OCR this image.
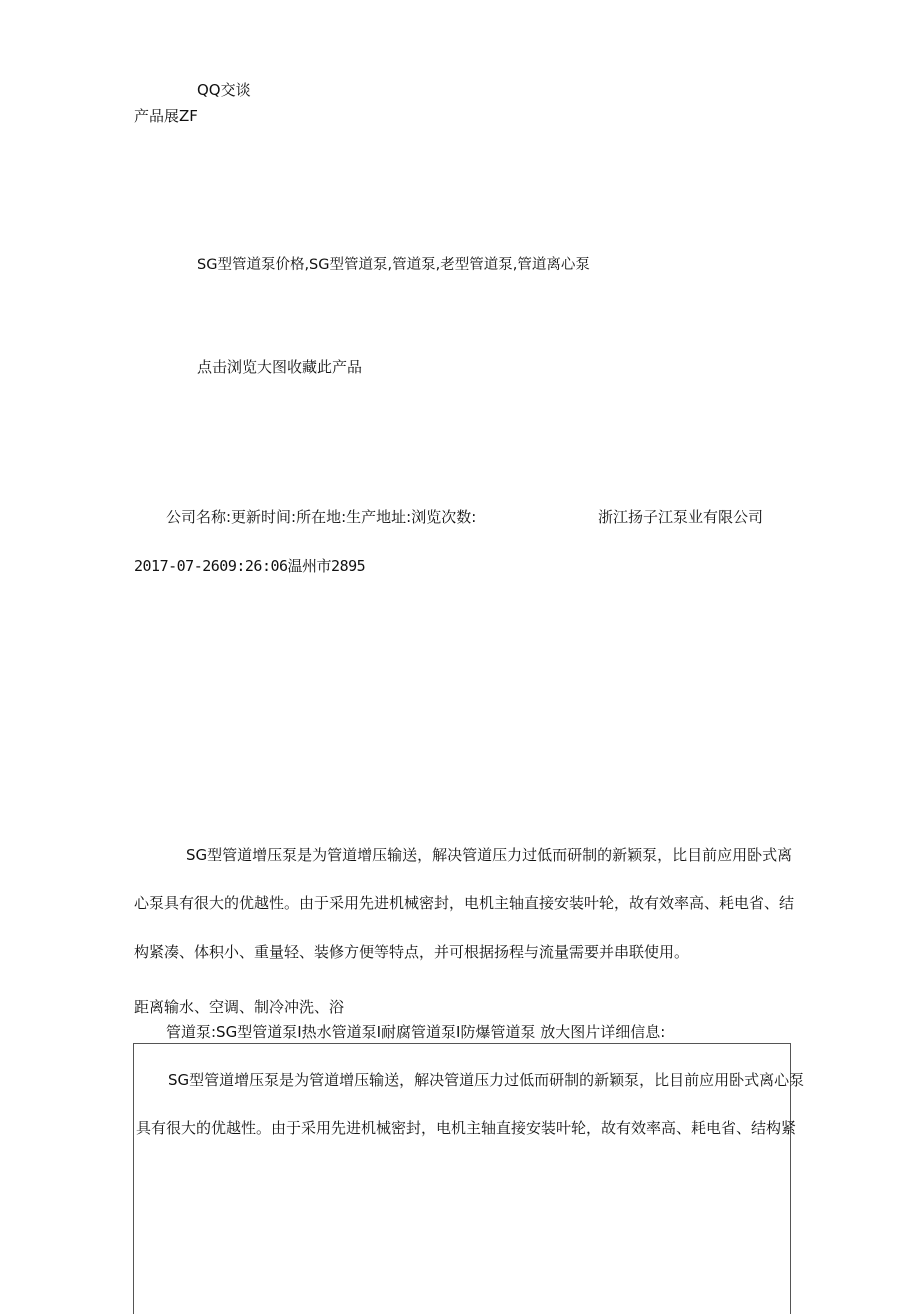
QQ交谈
产品展ZF
SG型管道泵价格,SG型管道泵,管道泵,老型管道泵,管道离心泵
点击浏览大图收藏此产品
公司名称:更新时间:所在地:生产地址:浏览次数:	浙江扬子江泵业有限公司
2017-07-2609:26:06温州市2895
SG型管道增压泵是为管道增压输送，解决管道压力过低而研制的新颖泵，比目前应用卧式离
心泵具有很大的优越性。由于采用先进机械密封，电机主轴直接安装叶轮，故有效率高、耗电省、结
构紧凑、体积小、重量轻、装修方便等特点，并可根据扬程与流量需要并串联使用。
距离输水、空调、制冷冲洗、浴
管道泵:SG型管道泵I热水管道泵I耐腐管道泵I防爆管道泵 放大图片详细信息:
SG型管道增压泵是为管道增压输送，解决管道压力过低而研制的新颖泵，比目前应用卧式离心泵
具有很大的优越性。由于采用先进机械密封，电机主轴直接安装叶轮，故有效率高、耗电省、结构紧
